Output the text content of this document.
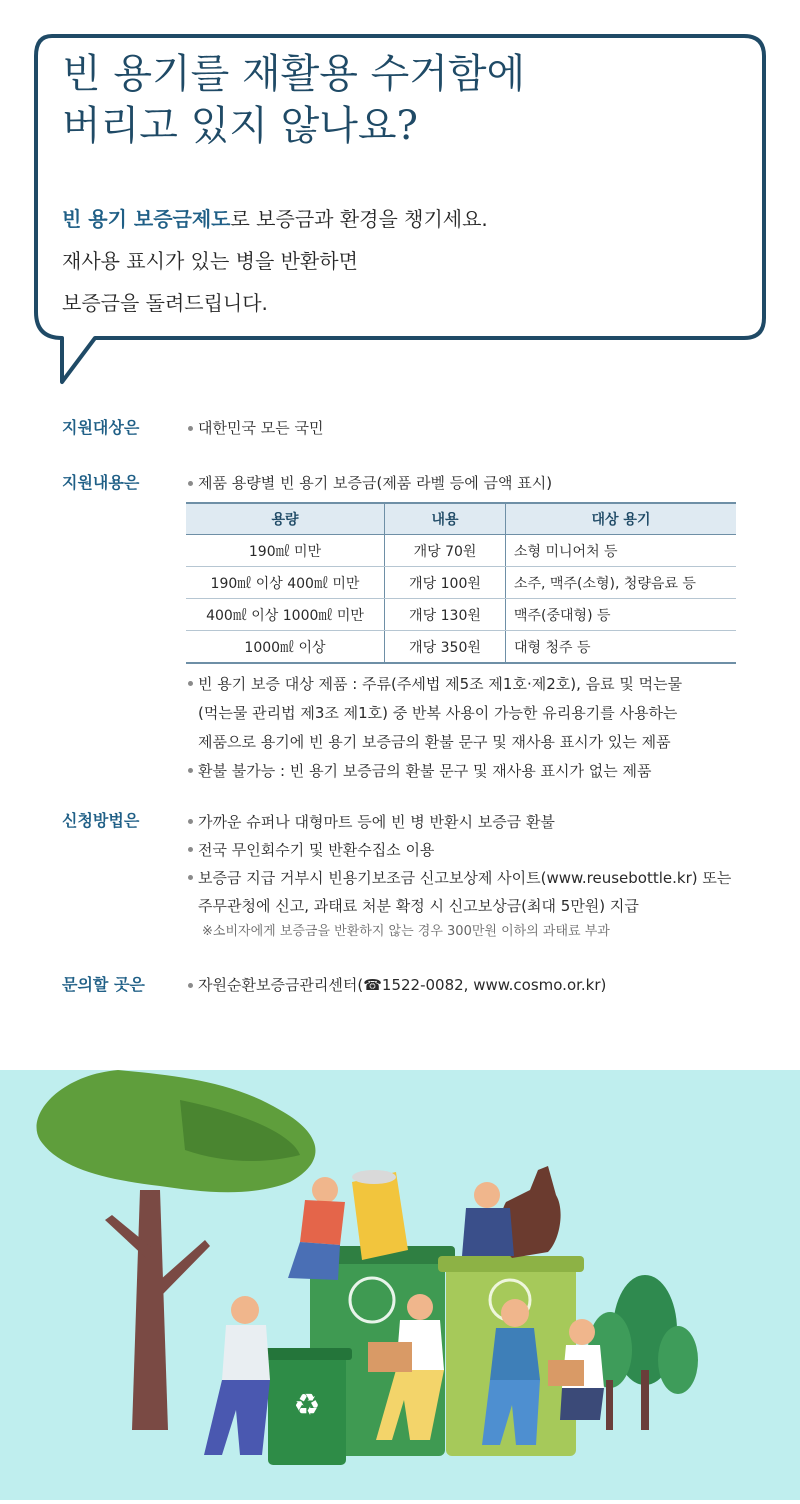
빈 용기를 재활용 수거함에
버리고 있지 않나요?

빈 용기 보증금제도로 보증금과 환경을 챙기세요.
재사용 표시가 있는 병을 반환하면
보증금을 돌려드립니다.

지원대상은	대한민국 모든 국민
지원내용은	제품 용량별 빈 용기 보증금(제품 라벨 등에 금액 표시)
용량	내용	대상 용기
190㎖ 미만	개당 70원	소형 미니어처 등
190㎖ 이상 400㎖ 미만	개당 100원	소주, 맥주(소형), 청량음료 등
400㎖ 이상 1000㎖ 미만	개당 130원	맥주(중대형) 등
1000㎖ 이상	개당 350원	대형 청주 등
빈 용기 보증 대상 제품 : 주류(주세법 제5조 제1호·제2호), 음료 및 먹는물
(먹는물 관리법 제3조 제1호) 중 반복 사용이 가능한 유리용기를 사용하는
제품으로 용기에 빈 용기 보증금의 환불 문구 및 재사용 표시가 있는 제품
환불 불가능 : 빈 용기 보증금의 환불 문구 및 재사용 표시가 없는 제품
신청방법은	가까운 슈퍼나 대형마트 등에 빈 병 반환시 보증금 환불
전국 무인회수기 및 반환수집소 이용
보증금 지급 거부시 빈용기보조금 신고보상제 사이트(www.reusebottle.kr) 또는
주무관청에 신고, 과태료 처분 확정 시 신고보상금(최대 5만원) 지급
※소비자에게 보증금을 반환하지 않는 경우 300만원 이하의 과태료 부과
문의할 곳은	자원순환보증금관리센터(☎1522-0082, www.cosmo.or.kr)
♻
